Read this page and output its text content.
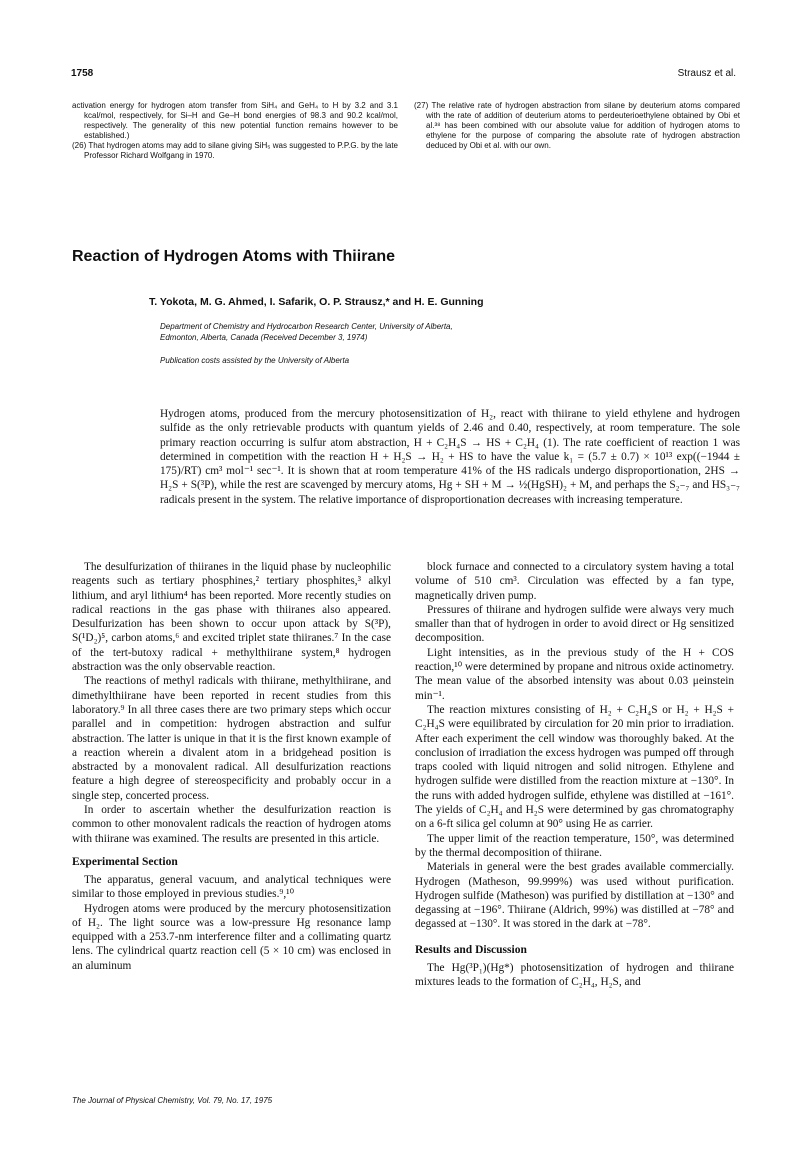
1758	Strausz et al.

activation energy for hydrogen atom transfer from SiH₄ and GeH₄ to H by 3.2 and 3.1 kcal/mol, respectively, for Si–H and Ge–H bond energies of 98.3 and 90.2 kcal/mol, respectively. The generality of this new potential function remains however to be established.)

(26) That hydrogen atoms may add to silane giving SiH₅ was suggested to P.P.G. by the late Professor Richard Wolfgang in 1970.

(27) The relative rate of hydrogen abstraction from silane by deuterium atoms compared with the rate of addition of deuterium atoms to perdeuterioethylene obtained by Obi et al.³⁸ has been combined with our absolute value for addition of hydrogen atoms to ethylene for the purpose of comparing the absolute rate of hydrogen abstraction deduced by Obi et al. with our own.

Reaction of Hydrogen Atoms with Thiirane
T. Yokota, M. G. Ahmed, I. Safarik, O. P. Strausz,* and H. E. Gunning
Department of Chemistry and Hydrocarbon Research Center, University of Alberta,
Edmonton, Alberta, Canada (Received December 3, 1974)
Publication costs assisted by the University of Alberta

Hydrogen atoms, produced from the mercury photosensitization of H₂, react with thiirane to yield ethylene and hydrogen sulfide as the only retrievable products with quantum yields of 2.46 and 0.40, respectively, at room temperature. The sole primary reaction occurring is sulfur atom abstraction, H + C₂H₄S → HS + C₂H₄ (1). The rate coefficient of reaction 1 was determined in competition with the reaction H + H₂S → H₂ + HS to have the value k₁ = (5.7 ± 0.7) × 10¹³ exp((−1944 ± 175)/RT) cm³ mol⁻¹ sec⁻¹. It is shown that at room temperature 41% of the HS radicals undergo disproportionation, 2HS → H₂S + S(³P), while the rest are scavenged by mercury atoms, Hg + SH + M → ½(HgSH)₂ + M, and perhaps the S₂₋₇ and HS₃₋₇ radicals present in the system. The relative importance of disproportionation decreases with increasing temperature.

The desulfurization of thiiranes in the liquid phase by nucleophilic reagents such as tertiary phosphines,² tertiary phosphites,³ alkyl lithium, and aryl lithium⁴ has been reported. More recently studies on radical reactions in the gas phase with thiiranes also appeared. Desulfurization has been shown to occur upon attack by S(³P), S(¹D₂)⁵, carbon atoms,⁶ and excited triplet state thiiranes.⁷ In the case of the tert-butoxy radical + methylthiirane system,⁸ hydrogen abstraction was the only observable reaction.

The reactions of methyl radicals with thiirane, methylthiirane, and dimethylthiirane have been reported in recent studies from this laboratory.⁹ In all three cases there are two primary steps which occur parallel and in competition: hydrogen abstraction and sulfur abstraction. The latter is unique in that it is the first known example of a reaction wherein a divalent atom in a bridgehead position is abstracted by a monovalent radical. All desulfurization reactions feature a high degree of stereospecificity and probably occur in a single step, concerted process.

In order to ascertain whether the desulfurization reaction is common to other monovalent radicals the reaction of hydrogen atoms with thiirane was examined. The results are presented in this article.

Experimental Section

The apparatus, general vacuum, and analytical techniques were similar to those employed in previous studies.⁹,¹⁰

Hydrogen atoms were produced by the mercury photosensitization of H₂. The light source was a low-pressure Hg resonance lamp equipped with a 253.7-nm interference filter and a collimating quartz lens. The cylindrical quartz reaction cell (5 × 10 cm) was enclosed in an aluminum

block furnace and connected to a circulatory system having a total volume of 510 cm³. Circulation was effected by a fan type, magnetically driven pump.

Pressures of thiirane and hydrogen sulfide were always very much smaller than that of hydrogen in order to avoid direct or Hg sensitized decomposition.

Light intensities, as in the previous study of the H + COS reaction,¹⁰ were determined by propane and nitrous oxide actinometry. The mean value of the absorbed intensity was about 0.03 μeinstein min⁻¹.

The reaction mixtures consisting of H₂ + C₂H₄S or H₂ + H₂S + C₂H₄S were equilibrated by circulation for 20 min prior to irradiation. After each experiment the cell window was thoroughly baked. At the conclusion of irradiation the excess hydrogen was pumped off through traps cooled with liquid nitrogen and solid nitrogen. Ethylene and hydrogen sulfide were distilled from the reaction mixture at −130°. In the runs with added hydrogen sulfide, ethylene was distilled at −161°. The yields of C₂H₄ and H₂S were determined by gas chromatography on a 6-ft silica gel column at 90° using He as carrier.

The upper limit of the reaction temperature, 150°, was determined by the thermal decomposition of thiirane.

Materials in general were the best grades available commercially. Hydrogen (Matheson, 99.999%) was used without purification. Hydrogen sulfide (Matheson) was purified by distillation at −130° and degassing at −196°. Thiirane (Aldrich, 99%) was distilled at −78° and degassed at −130°. It was stored in the dark at −78°.

Results and Discussion

The Hg(³P₁)(Hg*) photosensitization of hydrogen and thiirane mixtures leads to the formation of C₂H₄, H₂S, and

The Journal of Physical Chemistry, Vol. 79, No. 17, 1975
